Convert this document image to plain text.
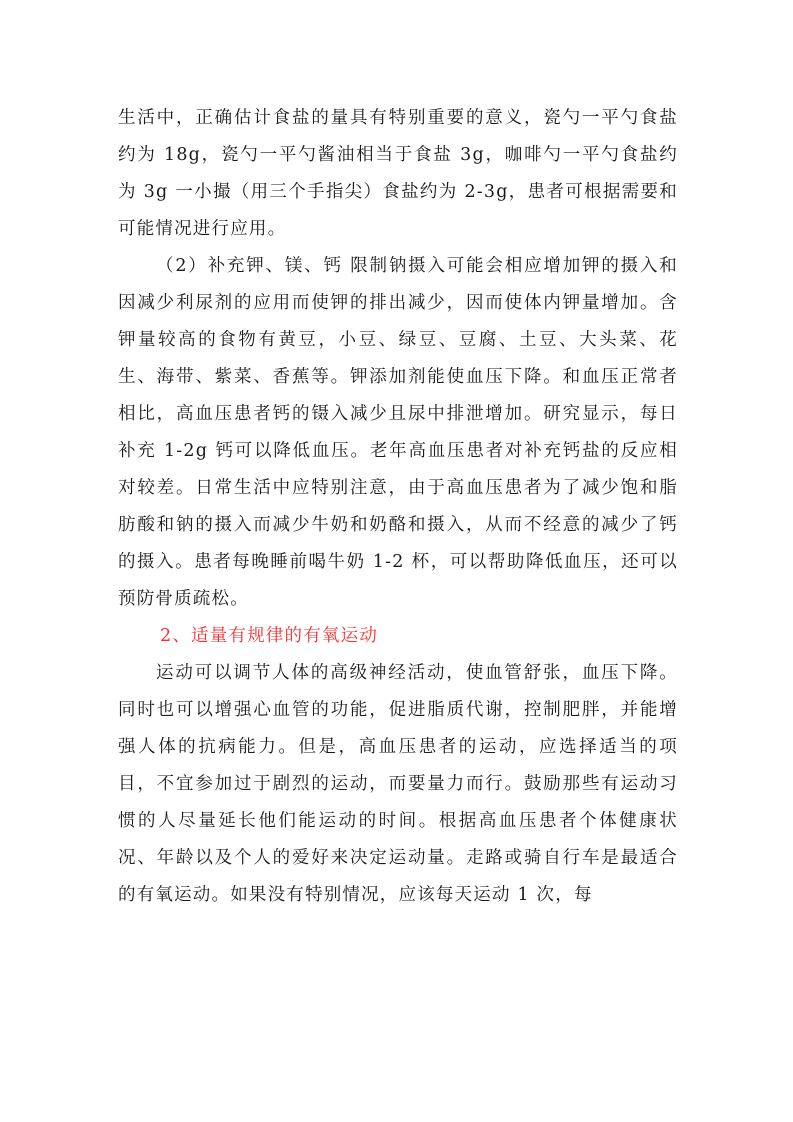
生活中，正确估计食盐的量具有特别重要的意义，瓷勺一平勺食盐约为 18g，瓷勺一平勺酱油相当于食盐 3g，咖啡勺一平勺食盐约为 3g 一小撮（用三个手指尖）食盐约为 2-3g，患者可根据需要和可能情况进行应用。

（2）补充钾、镁、钙 限制钠摄入可能会相应增加钾的摄入和因减少利尿剂的应用而使钾的排出减少，因而使体内钾量增加。含钾量较高的食物有黄豆，小豆、绿豆、豆腐、土豆、大头菜、花生、海带、紫菜、香蕉等。钾添加剂能使血压下降。和血压正常者相比，高血压患者钙的镊入减少且尿中排泄增加。研究显示，每日补充 1-2g 钙可以降低血压。老年高血压患者对补充钙盐的反应相对较差。日常生活中应特别注意，由于高血压患者为了减少饱和脂肪酸和钠的摄入而减少牛奶和奶酪和摄入，从而不经意的减少了钙的摄入。患者每晚睡前喝牛奶 1-2 杯，可以帮助降低血压，还可以预防骨质疏松。

2、适量有规律的有氧运动

运动可以调节人体的高级神经活动，使血管舒张，血压下降。同时也可以增强心血管的功能，促进脂质代谢，控制肥胖，并能增强人体的抗病能力。但是，高血压患者的运动，应选择适当的项目，不宜参加过于剧烈的运动，而要量力而行。鼓励那些有运动习惯的人尽量延长他们能运动的时间。根据高血压患者个体健康状况、年龄以及个人的爱好来决定运动量。走路或骑自行车是最适合的有氧运动。如果没有特别情况，应该每天运动 1 次，每
